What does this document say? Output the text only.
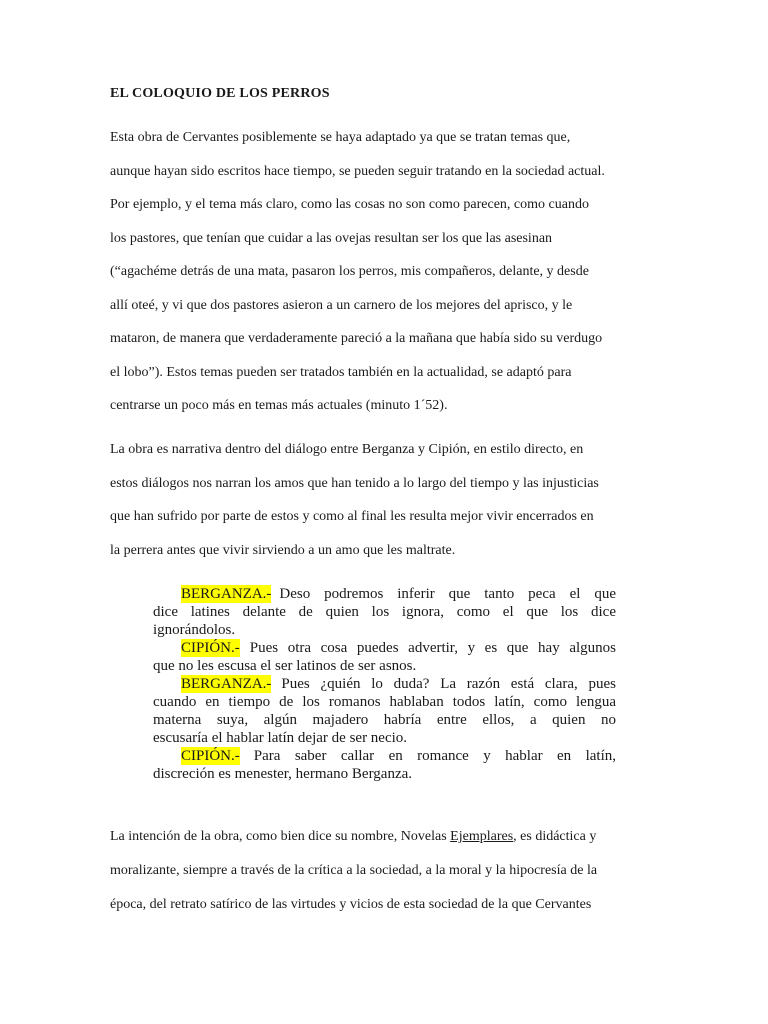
EL COLOQUIO DE LOS PERROS
Esta obra de Cervantes posiblemente se haya adaptado ya que se tratan temas que,
aunque hayan sido escritos hace tiempo, se pueden seguir tratando en la sociedad actual.
Por ejemplo, y el tema más claro, como las cosas no son como parecen, como cuando
los pastores, que tenían que cuidar a las ovejas resultan ser los que las asesinan
(“agachéme detrás de una mata, pasaron los perros, mis compañeros, delante, y desde
allí oteé, y vi que dos pastores asieron a un carnero de los mejores del aprisco, y le
mataron, de manera que verdaderamente pareció a la mañana que había sido su verdugo
el lobo”). Estos temas pueden ser tratados también en la actualidad, se adaptó para
centrarse un poco más en temas más actuales (minuto 1´52).
La obra es narrativa dentro del diálogo entre Berganza y Cipión, en estilo directo, en
estos diálogos nos narran los amos que han tenido a lo largo del tiempo y las injusticias
que han sufrido por parte de estos y como al final les resulta mejor vivir encerrados en
la perrera antes que vivir sirviendo a un amo que les maltrate.
BERGANZA.- Deso podremos inferir que tanto peca el que
dice latines delante de quien los ignora, como el que los dice
ignorándolos.
CIPIÓN.- Pues otra cosa puedes advertir, y es que hay algunos
que no les escusa el ser latinos de ser asnos.
BERGANZA.- Pues ¿quién lo duda? La razón está clara, pues
cuando en tiempo de los romanos hablaban todos latín, como lengua
materna suya, algún majadero habría entre ellos, a quien no
escusaría el hablar latín dejar de ser necio.
CIPIÓN.- Para saber callar en romance y hablar en latín,
discreción es menester, hermano Berganza.
La intención de la obra, como bien dice su nombre, Novelas Ejemplares, es didáctica y
moralizante, siempre a través de la crítica a la sociedad, a la moral y la hipocresía de la
época, del retrato satírico de las virtudes y vicios de esta sociedad de la que Cervantes
